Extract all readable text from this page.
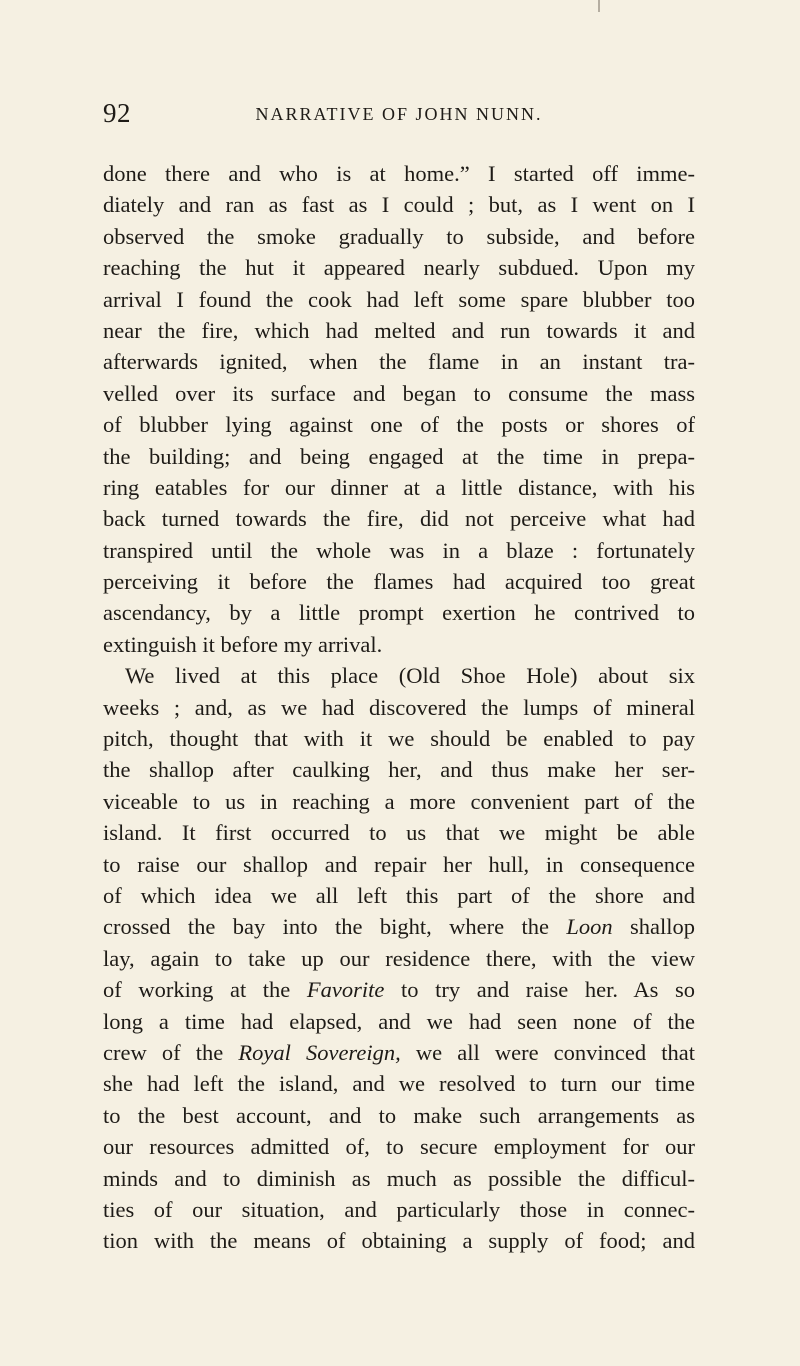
92	NARRATIVE OF JOHN NUNN.
done there and who is at home.” I started off imme-
diately and ran as fast as I could ; but, as I went on I
observed the smoke gradually to subside, and before
reaching the hut it appeared nearly subdued. Upon my
arrival I found the cook had left some spare blubber too
near the fire, which had melted and run towards it and
afterwards ignited, when the flame in an instant tra-
velled over its surface and began to consume the mass
of blubber lying against one of the posts or shores of
the building; and being engaged at the time in prepa-
ring eatables for our dinner at a little distance, with his
back turned towards the fire, did not perceive what had
transpired until the whole was in a blaze : fortunately
perceiving it before the flames had acquired too great
ascendancy, by a little prompt exertion he contrived to
extinguish it before my arrival.
We lived at this place (Old Shoe Hole) about six
weeks ; and, as we had discovered the lumps of mineral
pitch, thought that with it we should be enabled to pay
the shallop after caulking her, and thus make her ser-
viceable to us in reaching a more convenient part of the
island. It first occurred to us that we might be able
to raise our shallop and repair her hull, in consequence
of which idea we all left this part of the shore and
crossed the bay into the bight, where the Loon shallop
lay, again to take up our residence there, with the view
of working at the Favorite to try and raise her. As so
long a time had elapsed, and we had seen none of the
crew of the Royal Sovereign, we all were convinced that
she had left the island, and we resolved to turn our time
to the best account, and to make such arrangements as
our resources admitted of, to secure employment for our
minds and to diminish as much as possible the difficul-
ties of our situation, and particularly those in connec-
tion with the means of obtaining a supply of food; and
